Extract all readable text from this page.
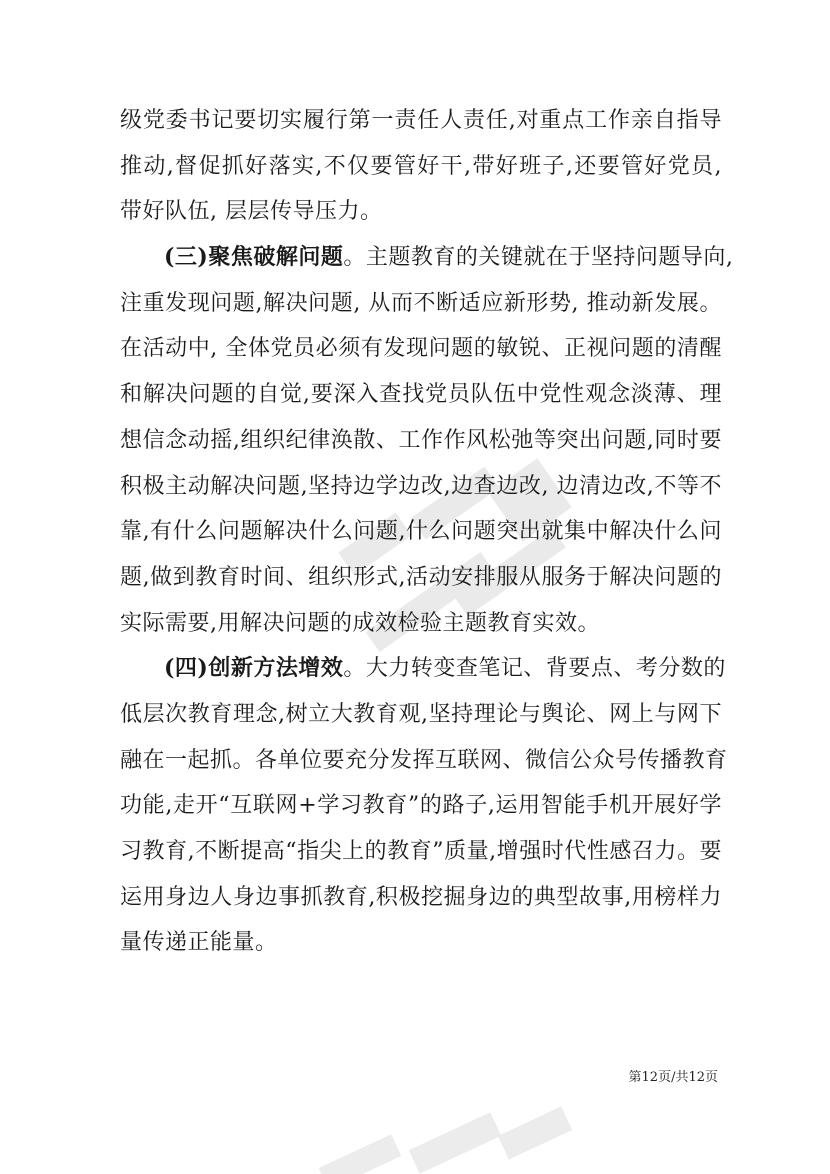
级党委书记要切实履行第一责任人责任,对重点工作亲自指导
推动,督促抓好落实,不仅要管好干,带好班子,还要管好党员,
带好队伍, 层层传导压力。
(三)聚焦破解问题。主题教育的关键就在于坚持问题导向,
注重发现问题,解决问题, 从而不断适应新形势, 推动新发展。
在活动中, 全体党员必须有发现问题的敏锐、正视问题的清醒
和解决问题的自觉,要深入查找党员队伍中党性观念淡薄、理
想信念动摇,组织纪律涣散、工作作风松弛等突出问题,同时要
积极主动解决问题,坚持边学边改,边查边改, 边清边改,不等不
靠,有什么问题解决什么问题,什么问题突出就集中解决什么问
题,做到教育时间、组织形式,活动安排服从服务于解决问题的
实际需要,用解决问题的成效检验主题教育实效。
(四)创新方法增效。大力转变查笔记、背要点、考分数的
低层次教育理念,树立大教育观,坚持理论与舆论、网上与网下
融在一起抓。各单位要充分发挥互联网、微信公众号传播教育
功能,走开“互联网+学习教育”的路子,运用智能手机开展好学
习教育,不断提高“指尖上的教育”质量,增强时代性感召力。要
运用身边人身边事抓教育,积极挖掘身边的典型故事,用榜样力
量传递正能量。
第12页/共12页
